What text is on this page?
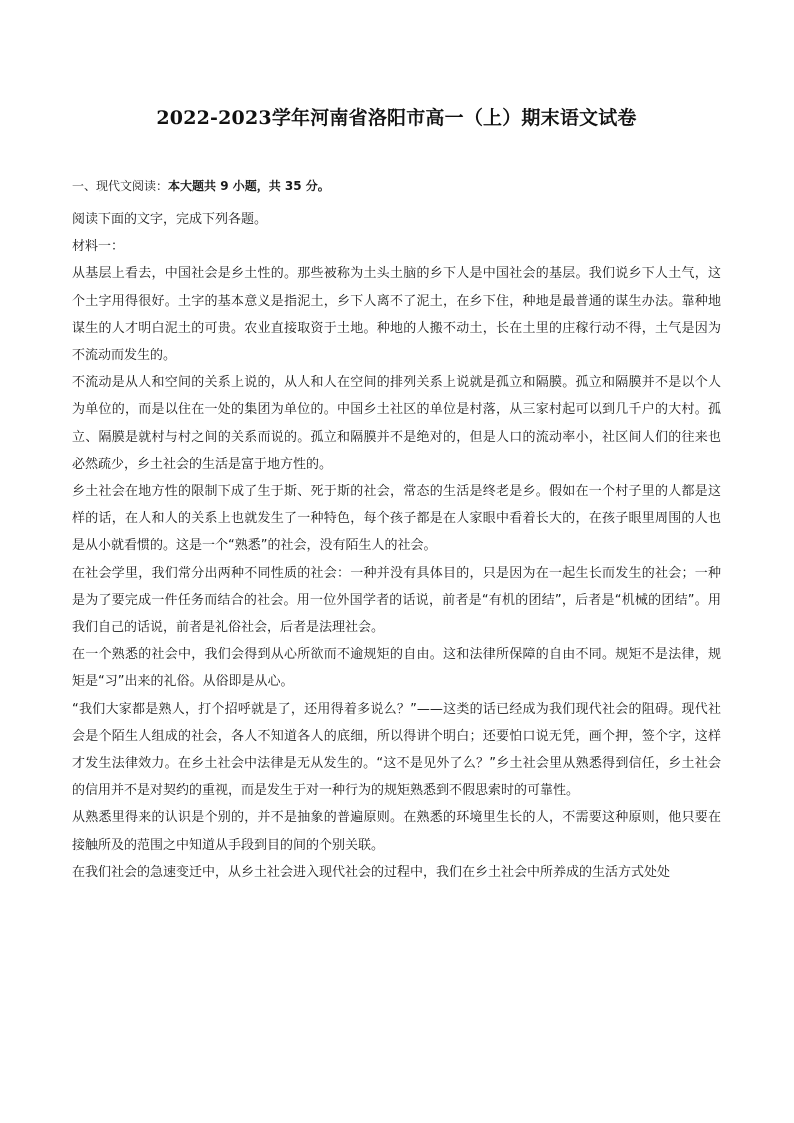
2022-2023学年河南省洛阳市高一（上）期末语文试卷
一、现代文阅读：本大题共 9 小题，共 35 分。

阅读下面的文字，完成下列各题。

材料一：

从基层上看去，中国社会是乡土性的。那些被称为土头土脑的乡下人是中国社会的基层。我们说乡下人土气，这个土字用得很好。土字的基本意义是指泥土，乡下人离不了泥土，在乡下住，种地是最普通的谋生办法。靠种地谋生的人才明白泥土的可贵。农业直接取资于土地。种地的人搬不动土，长在土里的庄稼行动不得，土气是因为不流动而发生的。

不流动是从人和空间的关系上说的，从人和人在空间的排列关系上说就是孤立和隔膜。孤立和隔膜并不是以个人为单位的，而是以住在一处的集团为单位的。中国乡土社区的单位是村落，从三家村起可以到几千户的大村。孤立、隔膜是就村与村之间的关系而说的。孤立和隔膜并不是绝对的，但是人口的流动率小，社区间人们的往来也必然疏少，乡土社会的生活是富于地方性的。

乡土社会在地方性的限制下成了生于斯、死于斯的社会，常态的生活是终老是乡。假如在一个村子里的人都是这样的话，在人和人的关系上也就发生了一种特色，每个孩子都是在人家眼中看着长大的，在孩子眼里周围的人也是从小就看惯的。这是一个“熟悉”的社会，没有陌生人的社会。

在社会学里，我们常分出两种不同性质的社会：一种并没有具体目的，只是因为在一起生长而发生的社会；一种是为了要完成一件任务而结合的社会。用一位外国学者的话说，前者是“有机的团结”，后者是“机械的团结”。用我们自己的话说，前者是礼俗社会，后者是法理社会。

在一个熟悉的社会中，我们会得到从心所欲而不逾规矩的自由。这和法律所保障的自由不同。规矩不是法律，规矩是“习”出来的礼俗。从俗即是从心。

“我们大家都是熟人，打个招呼就是了，还用得着多说么？”——这类的话已经成为我们现代社会的阻碍。现代社会是个陌生人组成的社会，各人不知道各人的底细，所以得讲个明白；还要怕口说无凭，画个押，签个字，这样才发生法律效力。在乡土社会中法律是无从发生的。“这不是见外了么？”乡土社会里从熟悉得到信任，乡土社会的信用并不是对契约的重视，而是发生于对一种行为的规矩熟悉到不假思索时的可靠性。

从熟悉里得来的认识是个别的，并不是抽象的普遍原则。在熟悉的环境里生长的人，不需要这种原则，他只要在接触所及的范围之中知道从手段到目的间的个别关联。

在我们社会的急速变迁中，从乡土社会进入现代社会的过程中，我们在乡土社会中所养成的生活方式处处
